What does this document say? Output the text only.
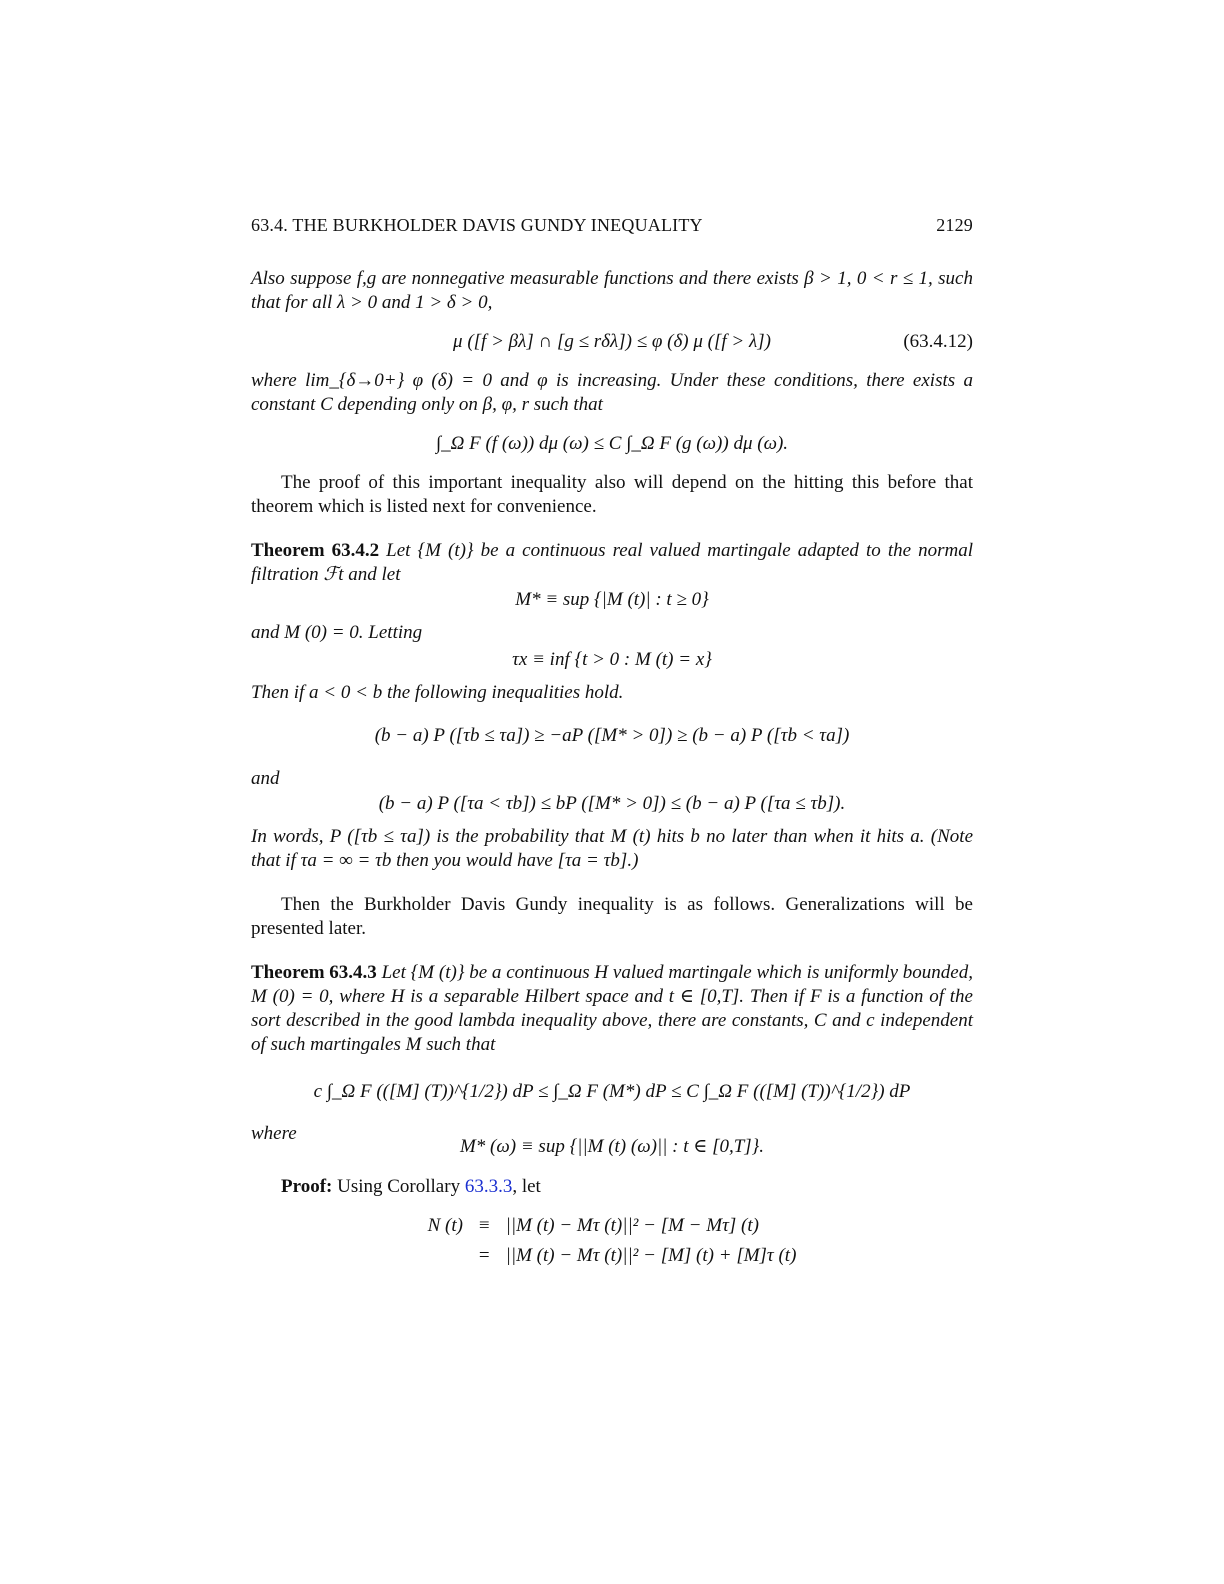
63.4. THE BURKHOLDER DAVIS GUNDY INEQUALITY	2129

Also suppose f,g are nonnegative measurable functions and there exists β > 1, 0 < r ≤ 1, such that for all λ > 0 and 1 > δ > 0,

μ ([f > βλ] ∩ [g ≤ rδλ]) ≤ φ (δ) μ ([f > λ])	(63.4.12)

where lim_{δ→0+} φ (δ) = 0 and φ is increasing. Under these conditions, there exists a constant C depending only on β, φ, r such that

∫_Ω F (f (ω)) dμ (ω) ≤ C ∫_Ω F (g (ω)) dμ (ω).

The proof of this important inequality also will depend on the hitting this before that theorem which is listed next for convenience.

Theorem 63.4.2 Let {M (t)} be a continuous real valued martingale adapted to the normal filtration ℱt and let

M* ≡ sup {|M (t)| : t ≥ 0}

and M (0) = 0. Letting

τx ≡ inf {t > 0 : M (t) = x}

Then if a < 0 < b the following inequalities hold.

(b − a) P ([τb ≤ τa]) ≥ −aP ([M* > 0]) ≥ (b − a) P ([τb < τa])

and

(b − a) P ([τa < τb]) ≤ bP ([M* > 0]) ≤ (b − a) P ([τa ≤ τb]).

In words, P ([τb ≤ τa]) is the probability that M (t) hits b no later than when it hits a. (Note that if τa = ∞ = τb then you would have [τa = τb].)

Then the Burkholder Davis Gundy inequality is as follows. Generalizations will be presented later.

Theorem 63.4.3 Let {M (t)} be a continuous H valued martingale which is uniformly bounded, M (0) = 0, where H is a separable Hilbert space and t ∈ [0,T]. Then if F is a function of the sort described in the good lambda inequality above, there are constants, C and c independent of such martingales M such that

c ∫_Ω F (([M] (T))^{1/2}) dP ≤ ∫_Ω F (M*) dP ≤ C ∫_Ω F (([M] (T))^{1/2}) dP
where
M* (ω) ≡ sup {||M (t) (ω)|| : t ∈ [0,T]}.

Proof: Using Corollary 63.3.3, let

N (t)	≡	||M (t) − Mτ (t)||² − [M − Mτ] (t)
	=	||M (t) − Mτ (t)||² − [M] (t) + [M]τ (t)
